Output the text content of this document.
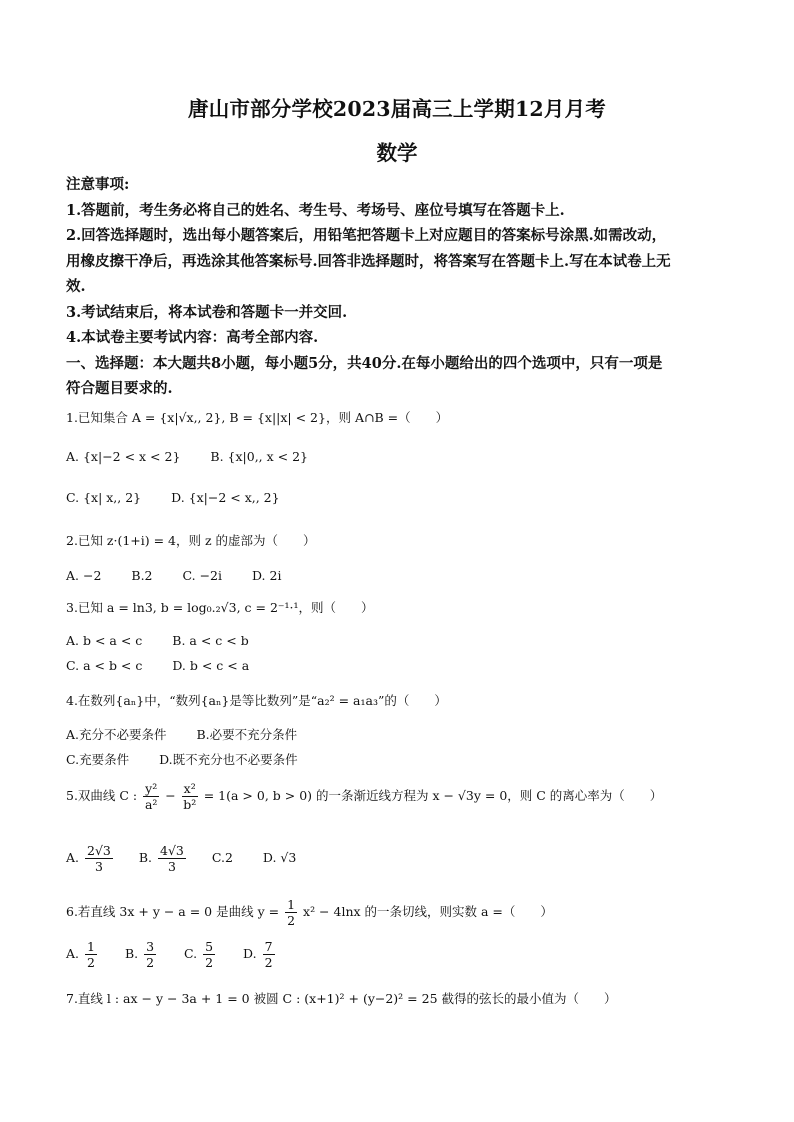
唐山市部分学校2023届高三上学期12月月考
数学

注意事项:

1.答题前，考生务必将自己的姓名、考生号、考场号、座位号填写在答题卡上.

2.回答选择题时，选出每小题答案后，用铅笔把答题卡上对应题目的答案标号涂黑.如需改动，

用橡皮擦干净后，再选涂其他答案标号.回答非选择题时，将答案写在答题卡上.写在本试卷上无

效.

3.考试结束后，将本试卷和答题卡一并交回.

4.本试卷主要考试内容：高考全部内容.

一、选择题：本大题共8小题，每小题5分，共40分.在每小题给出的四个选项中，只有一项是

符合题目要求的.

1.已知集合 A = {x|√x,, 2}, B = {x||x| < 2}，则 A∩B =（　　）
A. {x|−2 < x < 2} B. {x|0,, x < 2}
C. {x| x,, 2} D. {x|−2 < x,, 2}
2.已知 z·(1+i) = 4，则 z 的虚部为（　　）
A. −2 B.2 C. −2i D. 2i
3.已知 a = ln3, b = log₀.₂√3, c = 2⁻¹·¹，则（　　）
A. b < a < c B. a < c < b
C. a < b < c D. b < c < a
4.在数列{aₙ}中，“数列{aₙ}是等比数列”是“a₂² = a₁a₃”的（　　）
A.充分不必要条件 B.必要不充分条件
C.充要条件 D.既不充分也不必要条件
5.双曲线 C : $\frac{\text{y²}}{\text{a²}} - \frac{\text{x²}}{\text{b²}} = 1(a > 0$, b > 0) 的一条渐近线方程为 x − √3y = 0，则 C 的离心率为（　　）
A. $\frac{2√3}{3} B$. $\frac{4√3}{3} C.2$ D. √3
6.若直线 3x + y − a = 0 是曲线 $y = \frac{1}{2} x^2 - 4\ln x$ 的一条切线，则实数 a =（　　）
A. $\frac{1}{2} B$. $\frac{3}{2} C$. $\frac{5}{2} D$. $\frac{7}{2}$
7.直线 l : ax − y − 3a + 1 = 0 被圆 C : (x+1)² + (y−2)² = 25 截得的弦长的最小值为（　　）
